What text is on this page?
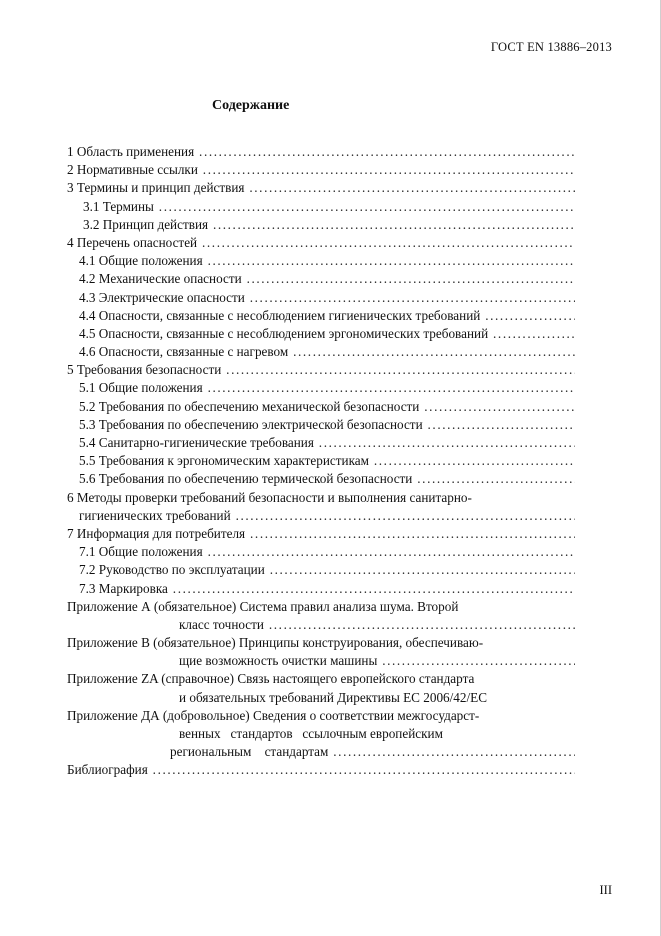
ГОСТ EN 13886–2013
Содержание
1 Область применения .....
2 Нормативные ссылки .....
3 Термины и принцип действия .....
3.1 Термины .....
3.2 Принцип действия .....
4 Перечень опасностей .....
4.1 Общие положения .....
4.2 Механические опасности .....
4.3 Электрические опасности .....
4.4 Опасности, связанные с несоблюдением гигиенических требований .....
4.5 Опасности, связанные с несоблюдением эргономических требований .....
4.6 Опасности, связанные с нагревом .....
5 Требования безопасности .....
5.1 Общие положения .....
5.2 Требования по обеспечению механической безопасности .....
5.3 Требования по обеспечению электрической безопасности .....
5.4 Санитарно-гигиенические требования .....
5.5 Требования к эргономическим характеристикам .....
5.6 Требования по обеспечению термической безопасности .....
6 Методы проверки требований безопасности и выполнения санитарно-
гигиенических требований .....
7 Информация для потребителя .....
7.1 Общие положения .....
7.2 Руководство по эксплуатации .....
7.3 Маркировка .....
Приложение А (обязательное) Система правил анализа шума. Второй
класс точности .....
Приложение В (обязательное) Принципы конструирования, обеспечиваю-
щие возможность очистки машины .....
Приложение ZA (справочное) Связь настоящего европейского стандарта
и обязательных требований Директивы ЕС 2006/42/ЕС
Приложение ДА (добровольное) Сведения о соответствии межгосударст-
венных   стандартов   ссылочным европейским
региональным    стандартам .....
Библиография .....
III
